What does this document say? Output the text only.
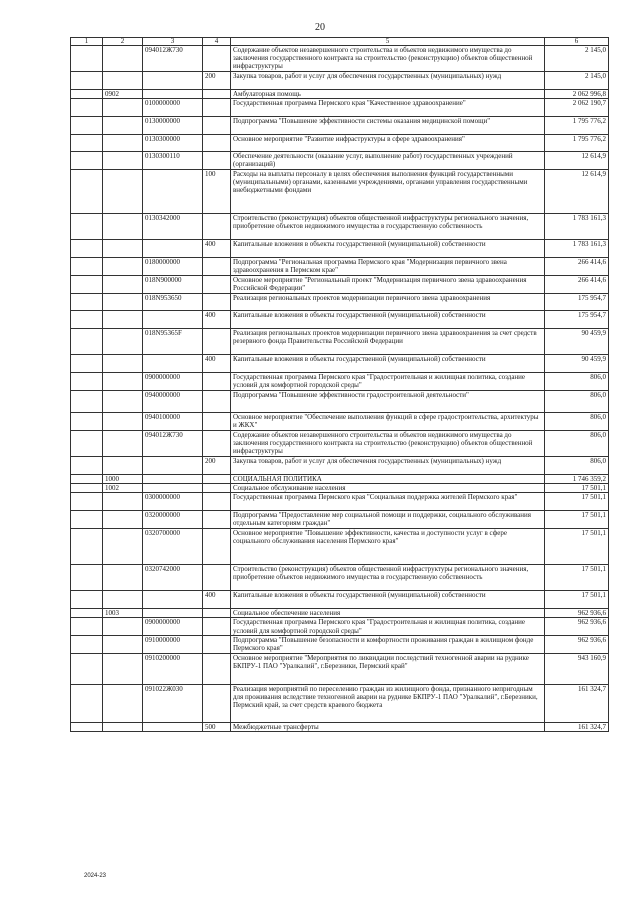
20
1	2	3	4	5	6
		094012Ж730		Содержание объектов незавершенного строительства и объектов недвижимого имущества до заключения государственного контракта на строительство (реконструкцию) объектов общественной инфраструктуры	2 145,0
			200	Закупка товаров, работ и услуг для обеспечения государственных (муниципальных) нужд	2 145,0
	0902			Амбулаторная помощь	2 062 996,8
		0100000000		Государственная программа Пермского края "Качественное здравоохранение"	2 062 190,7
		0130000000		Подпрограмма "Повышение эффективности системы оказания медицинской помощи"	1 795 776,2
		0130300000		Основное мероприятие "Развитие инфраструктуры в сфере здравоохранения"	1 795 776,2
		0130300110		Обеспечение деятельности (оказание услуг, выполнение работ) государственных учреждений (организаций)	12 614,9
			100	Расходы на выплаты персоналу в целях обеспечения выполнения функций государственными (муниципальными) органами, казенными учреждениями, органами управления государственными внебюджетными фондами	12 614,9
		0130342000		Строительство (реконструкция) объектов общественной инфраструктуры регионального значения, приобретение объектов недвижимого имущества в государственную собственность	1 783 161,3
			400	Капитальные вложения в объекты государственной (муниципальной) собственности	1 783 161,3
		0180000000		Подпрограмма "Региональная программа Пермского края "Модернизация первичного звена здравоохранения в Пермском крае"	266 414,6
		018N900000		Основное мероприятие "Региональный проект "Модернизация первичного звена здравоохранения Российской Федерации"	266 414,6
		018N953650		Реализация региональных проектов модернизации первичного звена здравоохранения	175 954,7
			400	Капитальные вложения в объекты государственной (муниципальной) собственности	175 954,7
		018N95365F		Реализация региональных проектов модернизации первичного звена здравоохранения за счет средств резервного фонда Правительства Российской Федерации	90 459,9
			400	Капитальные вложения в объекты государственной (муниципальной) собственности	90 459,9
		0900000000		Государственная программа Пермского края "Градостроительная и жилищная политика, создание условий для комфортной городской среды"	806,0
		0940000000		Подпрограмма "Повышение эффективности градостроительной деятельности"	806,0
		0940100000		Основное мероприятие "Обеспечение выполнения функций в сфере градостроительства, архитектуры и ЖКХ"	806,0
		094012Ж730		Содержание объектов незавершенного строительства и объектов недвижимого имущества до заключения государственного контракта на строительство (реконструкцию) объектов общественной инфраструктуры	806,0
			200	Закупка товаров, работ и услуг для обеспечения государственных (муниципальных) нужд	806,0
	1000			СОЦИАЛЬНАЯ ПОЛИТИКА	1 746 359,2
	1002			Социальное обслуживание населения	17 501,1
		0300000000		Государственная программа Пермского края "Социальная поддержка жителей Пермского края"	17 501,1
		0320000000		Подпрограмма "Предоставление мер социальной помощи и поддержки, социального обслуживания отдельным категориям граждан"	17 501,1
		0320700000		Основное мероприятие "Повышение эффективности, качества и доступности услуг в сфере социального обслуживания населения Пермского края"	17 501,1
		0320742000		Строительство (реконструкция) объектов общественной инфраструктуры регионального значения, приобретение объектов недвижимого имущества в государственную собственность	17 501,1
			400	Капитальные вложения в объекты государственной (муниципальной) собственности	17 501,1
	1003			Социальное обеспечение населения	962 936,6
		0900000000		Государственная программа Пермского края "Градостроительная и жилищная политика, создание условий для комфортной городской среды"	962 936,6
		0910000000		Подпрограмма "Повышение безопасности и комфортности проживания граждан в жилищном фонде Пермского края"	962 936,6
		0910200000		Основное мероприятие "Мероприятия по ликвидации последствий техногенной аварии на руднике БКПРУ-1 ПАО "Уралкалий", г.Березники, Пермский край"	943 160,9
		091022Ж030		Реализация мероприятий по переселению граждан из жилищного фонда, признанного непригодным для проживания вследствие техногенной аварии на руднике БКПРУ-1 ПАО "Уралкалий", г.Березники, Пермский край, за счет средств краевого бюджета	161 324,7
			500	Межбюджетные трансферты	161 324,7
2024-23
